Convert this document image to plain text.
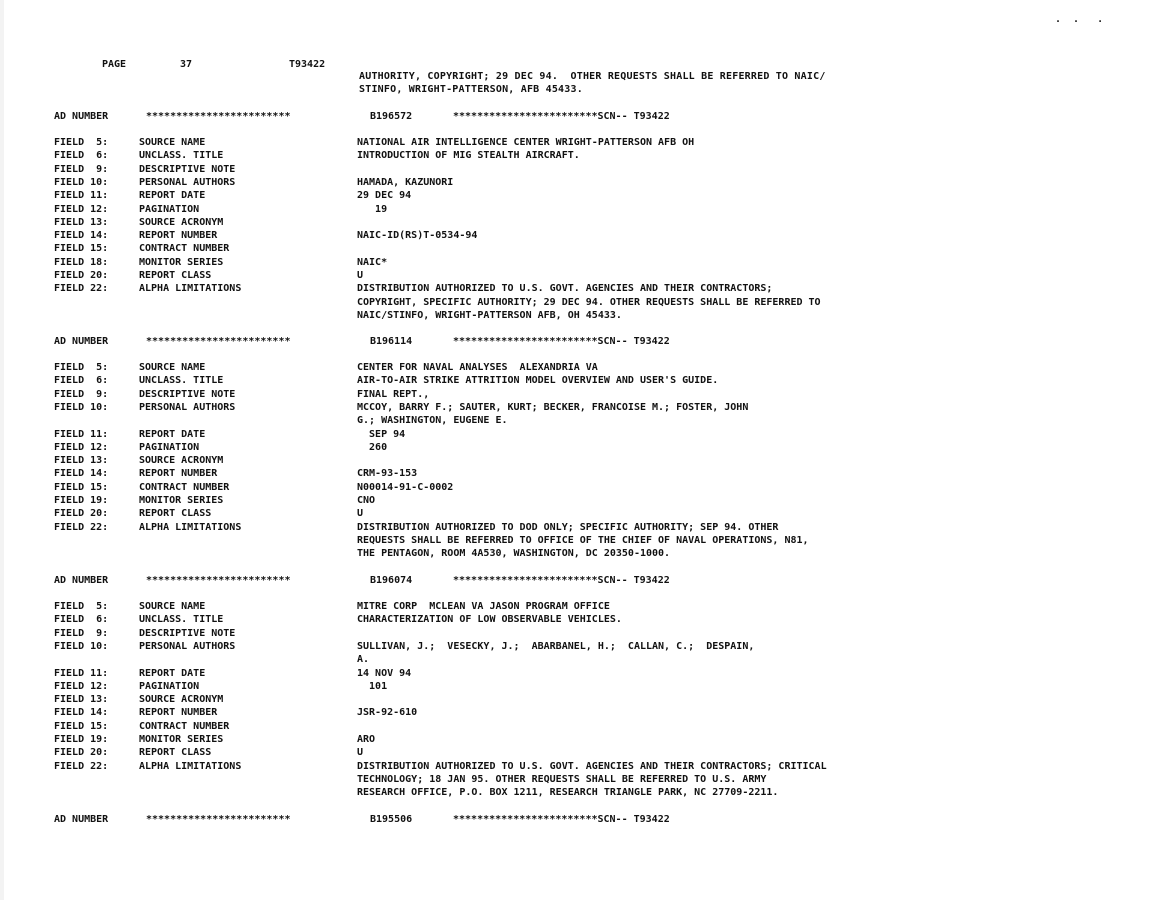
PAGE	37	T93422
.  .   .
AUTHORITY, COPYRIGHT; 29 DEC 94.  OTHER REQUESTS SHALL BE REFERRED TO NAIC/
STINFO, WRIGHT-PATTERSON, AFB 45433.
AD NUMBER	************************	B196572	************************SCN-- T93422
FIELD  5:	SOURCE NAME	NATIONAL AIR INTELLIGENCE CENTER WRIGHT-PATTERSON AFB OH
FIELD  6:	UNCLASS. TITLE	INTRODUCTION OF MIG STEALTH AIRCRAFT.
FIELD  9:	DESCRIPTIVE NOTE
FIELD 10:	PERSONAL AUTHORS	HAMADA, KAZUNORI
FIELD 11:	REPORT DATE	29 DEC 94
FIELD 12:	PAGINATION	19
FIELD 13:	SOURCE ACRONYM
FIELD 14:	REPORT NUMBER	NAIC-ID(RS)T-0534-94
FIELD 15:	CONTRACT NUMBER
FIELD 18:	MONITOR SERIES	NAIC*
FIELD 20:	REPORT CLASS	U
FIELD 22:	ALPHA LIMITATIONS	DISTRIBUTION AUTHORIZED TO U.S. GOVT. AGENCIES AND THEIR CONTRACTORS;
COPYRIGHT, SPECIFIC AUTHORITY; 29 DEC 94. OTHER REQUESTS SHALL BE REFERRED TO
NAIC/STINFO, WRIGHT-PATTERSON AFB, OH 45433.
AD NUMBER	************************	B196114	************************SCN-- T93422
FIELD  5:	SOURCE NAME	CENTER FOR NAVAL ANALYSES  ALEXANDRIA VA
FIELD  6:	UNCLASS. TITLE	AIR-TO-AIR STRIKE ATTRITION MODEL OVERVIEW AND USER'S GUIDE.
FIELD  9:	DESCRIPTIVE NOTE	FINAL REPT.,
FIELD 10:	PERSONAL AUTHORS	MCCOY, BARRY F.; SAUTER, KURT; BECKER, FRANCOISE M.; FOSTER, JOHN
G.; WASHINGTON, EUGENE E.
FIELD 11:	REPORT DATE	SEP 94
FIELD 12:	PAGINATION	260
FIELD 13:	SOURCE ACRONYM
FIELD 14:	REPORT NUMBER	CRM-93-153
FIELD 15:	CONTRACT NUMBER	N00014-91-C-0002
FIELD 19:	MONITOR SERIES	CNO
FIELD 20:	REPORT CLASS	U
FIELD 22:	ALPHA LIMITATIONS	DISTRIBUTION AUTHORIZED TO DOD ONLY; SPECIFIC AUTHORITY; SEP 94. OTHER
REQUESTS SHALL BE REFERRED TO OFFICE OF THE CHIEF OF NAVAL OPERATIONS, N81,
THE PENTAGON, ROOM 4A530, WASHINGTON, DC 20350-1000.
AD NUMBER	************************	B196074	************************SCN-- T93422
FIELD  5:	SOURCE NAME	MITRE CORP  MCLEAN VA JASON PROGRAM OFFICE
FIELD  6:	UNCLASS. TITLE	CHARACTERIZATION OF LOW OBSERVABLE VEHICLES.
FIELD  9:	DESCRIPTIVE NOTE
FIELD 10:	PERSONAL AUTHORS	SULLIVAN, J.;  VESECKY, J.;  ABARBANEL, H.;  CALLAN, C.;  DESPAIN,
A.
FIELD 11:	REPORT DATE	14 NOV 94
FIELD 12:	PAGINATION	101
FIELD 13:	SOURCE ACRONYM
FIELD 14:	REPORT NUMBER	JSR-92-610
FIELD 15:	CONTRACT NUMBER
FIELD 19:	MONITOR SERIES	ARO
FIELD 20:	REPORT CLASS	U
FIELD 22:	ALPHA LIMITATIONS	DISTRIBUTION AUTHORIZED TO U.S. GOVT. AGENCIES AND THEIR CONTRACTORS; CRITICAL
TECHNOLOGY; 18 JAN 95. OTHER REQUESTS SHALL BE REFERRED TO U.S. ARMY
RESEARCH OFFICE, P.O. BOX 1211, RESEARCH TRIANGLE PARK, NC 27709-2211.
AD NUMBER	************************	B195506	************************SCN-- T93422
